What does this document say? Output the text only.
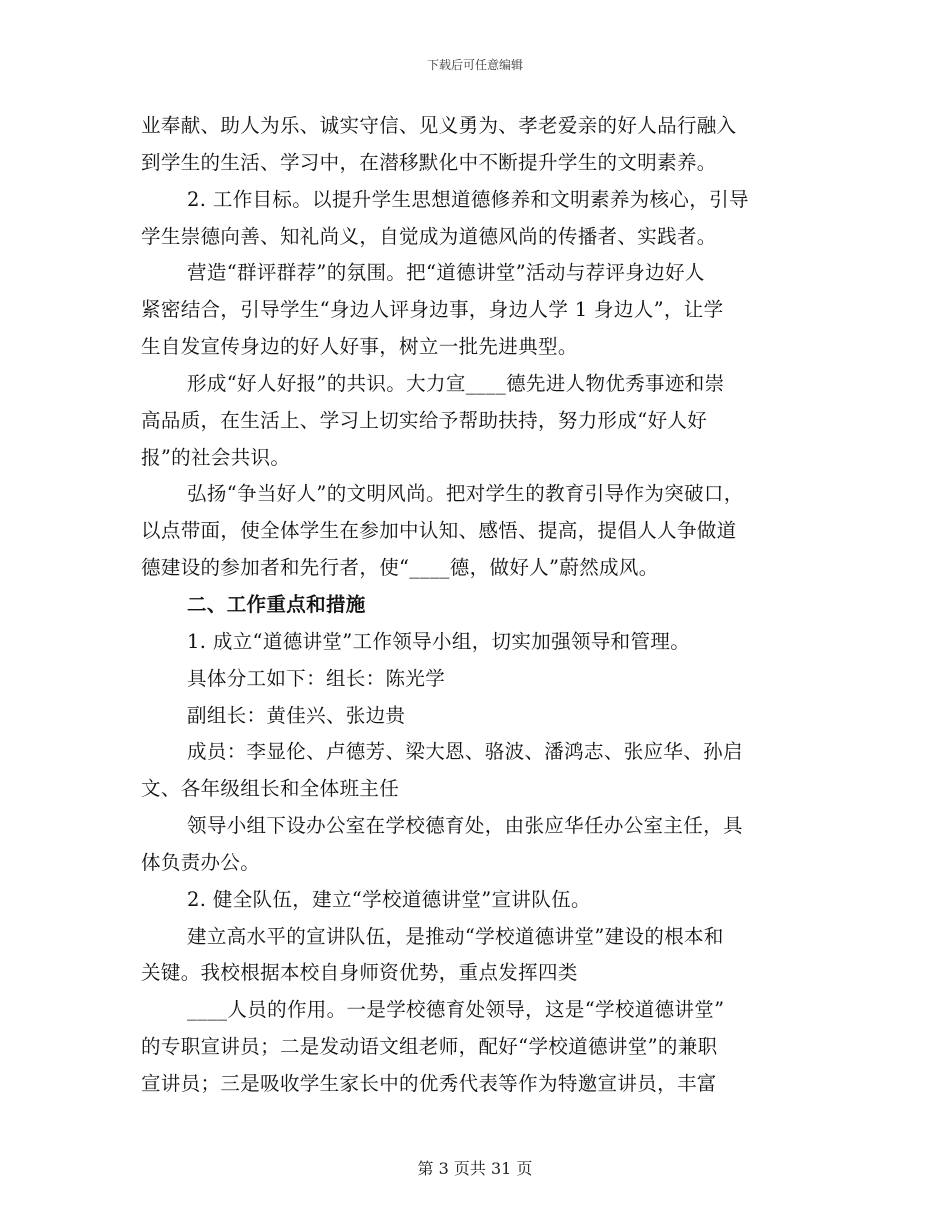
下载后可任意编辑
业奉献、助人为乐、诚实守信、见义勇为、孝老爱亲的好人品行融入
到学生的生活、学习中，在潜移默化中不断提升学生的文明素养。
2. 工作目标。以提升学生思想道德修养和文明素养为核心，引导
学生崇德向善、知礼尚义，自觉成为道德风尚的传播者、实践者。
营造“群评群荐”的氛围。把“道德讲堂”活动与荐评身边好人
紧密结合，引导学生“身边人评身边事，身边人学 1 身边人”，让学
生自发宣传身边的好人好事，树立一批先进典型。
形成“好人好报”的共识。大力宣____德先进人物优秀事迹和崇
高品质，在生活上、学习上切实给予帮助扶持，努力形成“好人好
报”的社会共识。
弘扬“争当好人”的文明风尚。把对学生的教育引导作为突破口，
以点带面，使全体学生在参加中认知、感悟、提高，提倡人人争做道
德建设的参加者和先行者，使“____德，做好人”蔚然成风。
二、工作重点和措施
1. 成立“道德讲堂”工作领导小组，切实加强领导和管理。
具体分工如下：组长：陈光学
副组长：黄佳兴、张边贵
成员：李显伦、卢德芳、梁大恩、骆波、潘鸿志、张应华、孙启
文、各年级组长和全体班主任
领导小组下设办公室在学校德育处，由张应华任办公室主任，具
体负责办公。
2. 健全队伍，建立“学校道德讲堂”宣讲队伍。
建立高水平的宣讲队伍，是推动“学校道德讲堂”建设的根本和
关键。我校根据本校自身师资优势，重点发挥四类
____人员的作用。一是学校德育处领导，这是“学校道德讲堂”
的专职宣讲员；二是发动语文组老师，配好“学校道德讲堂”的兼职
宣讲员；三是吸收学生家长中的优秀代表等作为特邀宣讲员，丰富
第 3 页共 31 页
